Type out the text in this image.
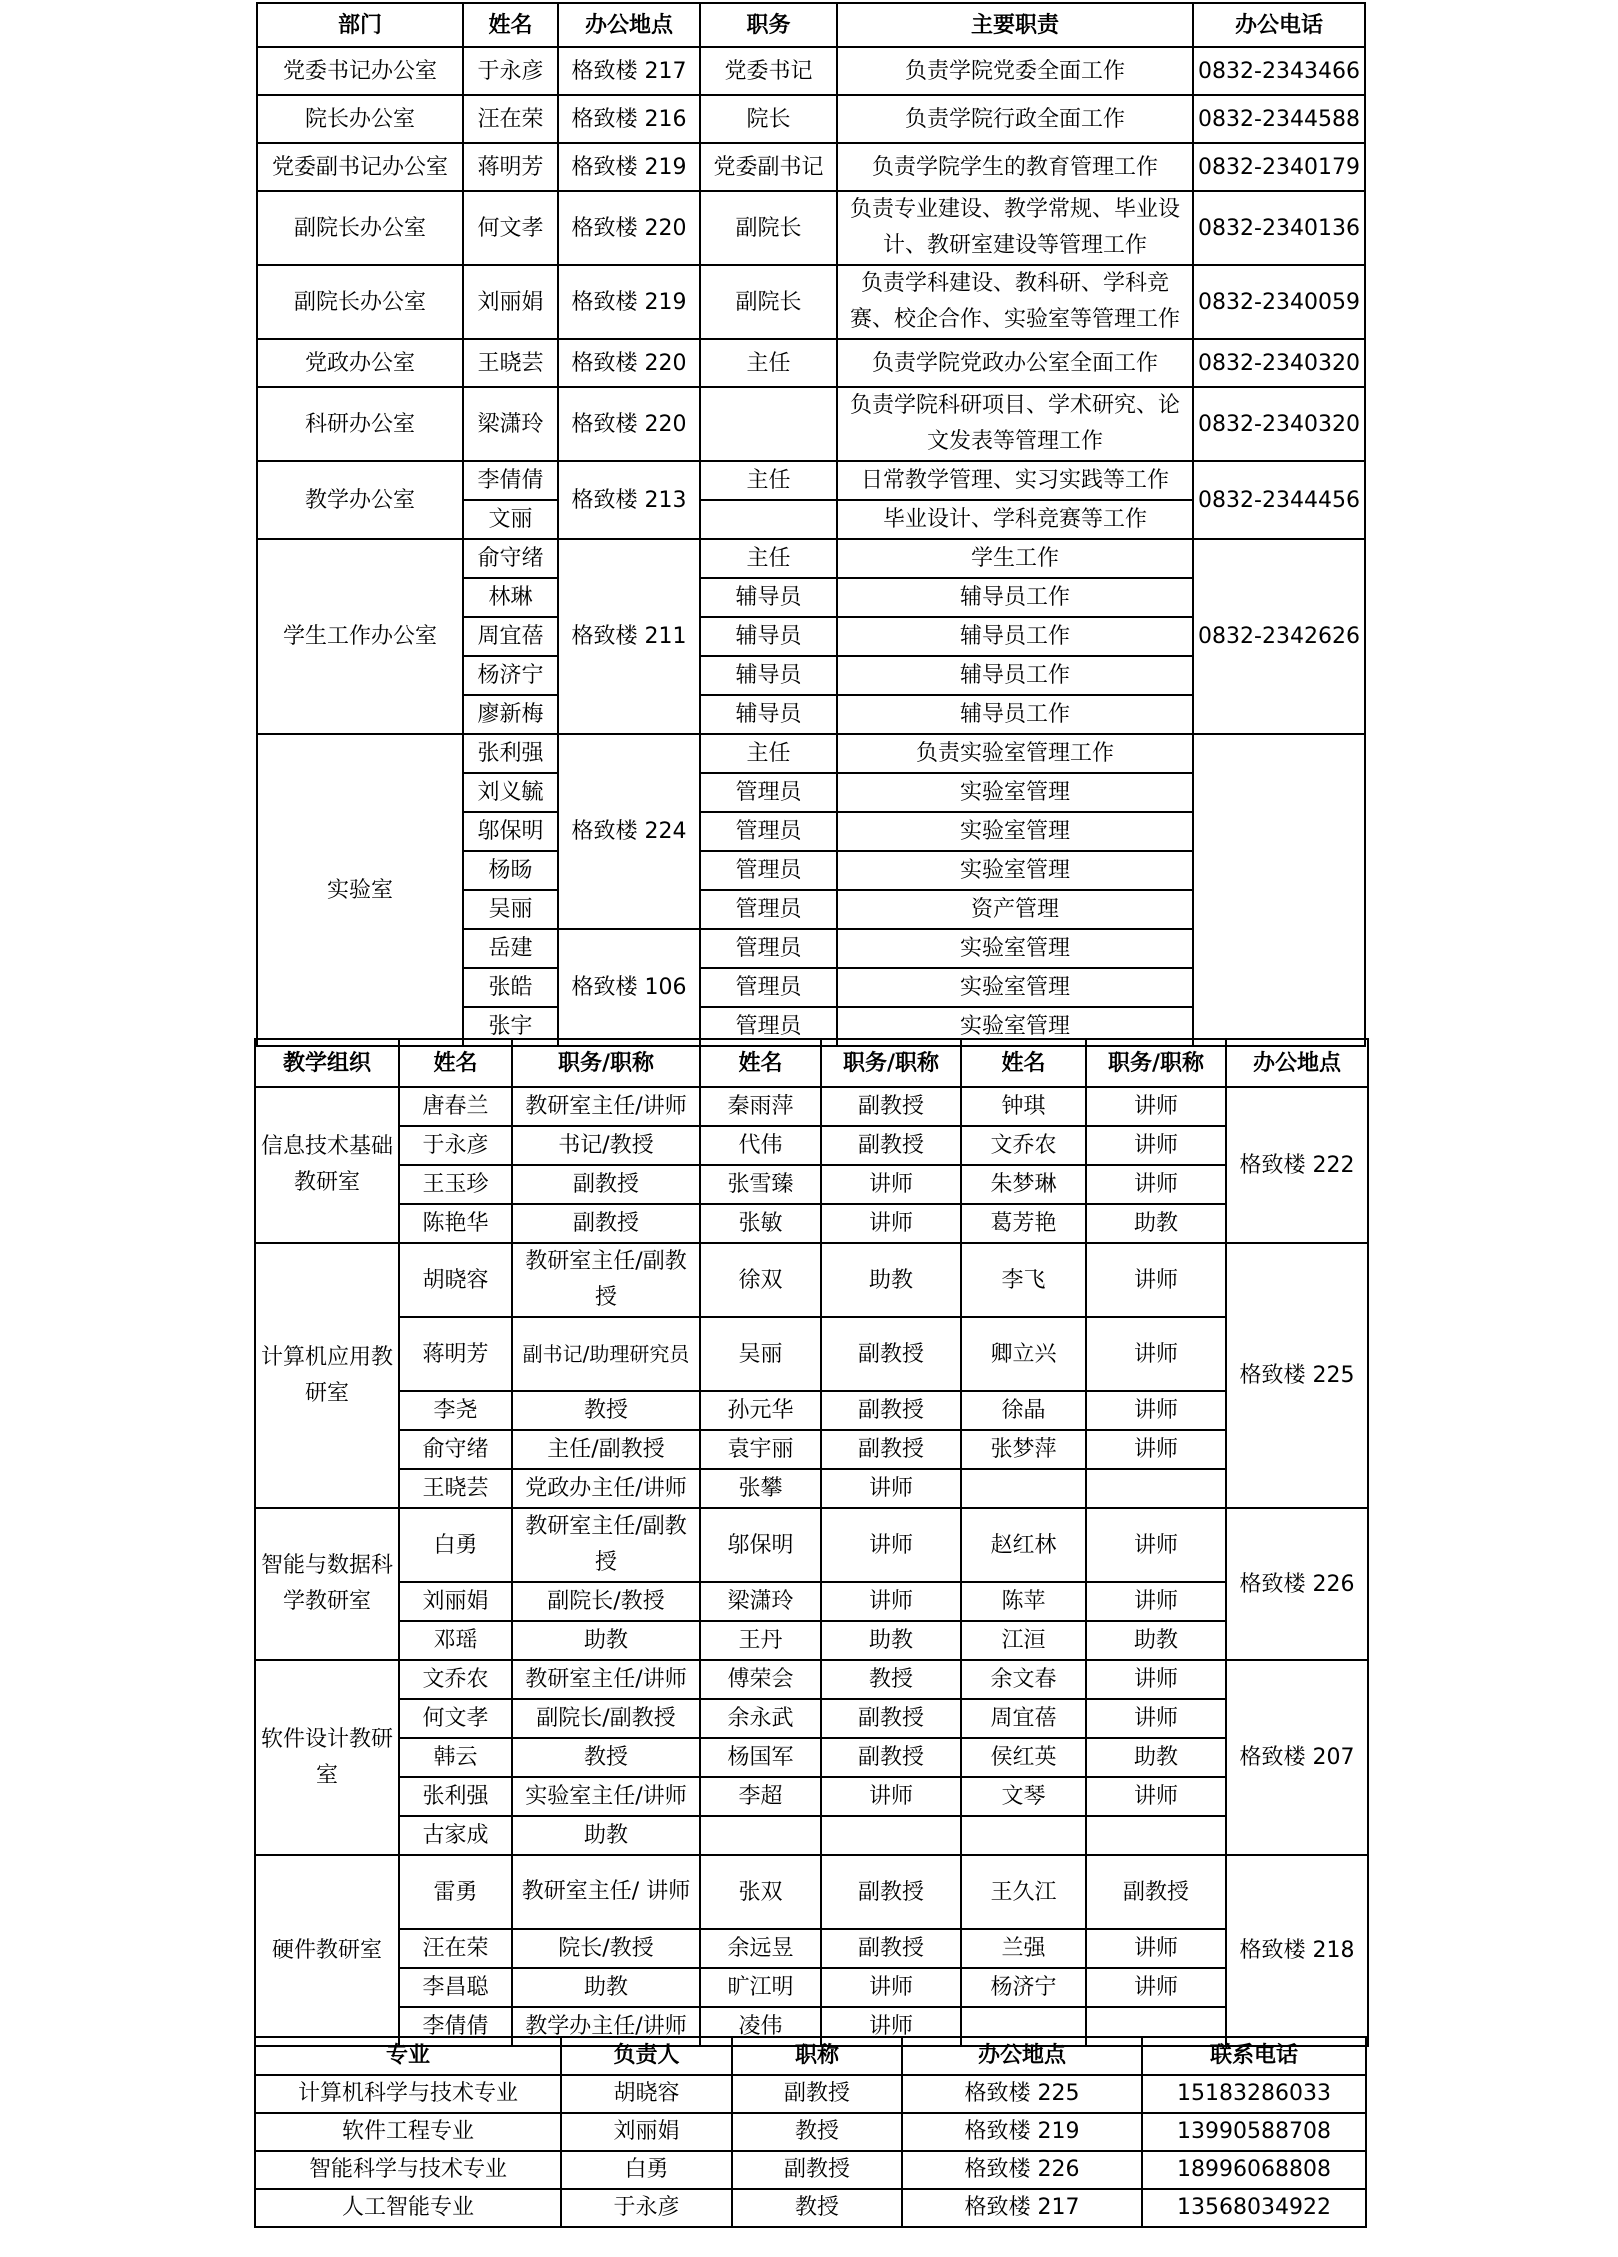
部门	姓名	办公地点	职务	主要职责	办公电话
党委书记办公室	于永彦	格致楼 217	党委书记	负责学院党委全面工作	0832-2343466
院长办公室	汪在荣	格致楼 216	院长	负责学院行政全面工作	0832-2344588
党委副书记办公室	蒋明芳	格致楼 219	党委副书记	负责学院学生的教育管理工作	0832-2340179
副院长办公室	何文孝	格致楼 220	副院长	负责专业建设、教学常规、毕业设计、教研室建设等管理工作	0832-2340136
副院长办公室	刘丽娟	格致楼 219	副院长	负责学科建设、教科研、学科竞赛、校企合作、实验室等管理工作	0832-2340059
党政办公室	王晓芸	格致楼 220	主任	负责学院党政办公室全面工作	0832-2340320
科研办公室	梁潇玲	格致楼 220		负责学院科研项目、学术研究、论文发表等管理工作	0832-2340320
教学办公室	李倩倩	格致楼 213	主任	日常教学管理、实习实践等工作	0832-2344456
	文丽			毕业设计、学科竞赛等工作	
学生工作办公室	俞守绪	格致楼 211	主任	学生工作	0832-2342626
	林琳		辅导员	辅导员工作	
	周宜蓓		辅导员	辅导员工作	
	杨济宁		辅导员	辅导员工作	
	廖新梅		辅导员	辅导员工作	
实验室	张利强	格致楼 224	主任	负责实验室管理工作	
	刘义毓		管理员	实验室管理	
	邬保明		管理员	实验室管理	
	杨旸		管理员	实验室管理	
	吴丽		管理员	资产管理	
	岳建	格致楼 106	管理员	实验室管理	
	张皓		管理员	实验室管理	
	张宇		管理员	实验室管理	
教学组织	姓名	职务/职称	姓名	职务/职称	姓名	职务/职称	办公地点
信息技术基础教研室	唐春兰	教研室主任/讲师	秦雨萍	副教授	钟琪	讲师	格致楼 222
	于永彦	书记/教授	代伟	副教授	文乔农	讲师	
	王玉珍	副教授	张雪臻	讲师	朱梦琳	讲师	
	陈艳华	副教授	张敏	讲师	葛芳艳	助教	
计算机应用教研室	胡晓容	教研室主任/副教授	徐双	助教	李飞	讲师	格致楼 225
	蒋明芳	副书记/助理研究员	吴丽	副教授	卿立兴	讲师	
	李尧	教授	孙元华	副教授	徐晶	讲师	
	俞守绪	主任/副教授	袁宇丽	副教授	张梦萍	讲师	
	王晓芸	党政办主任/讲师	张攀	讲师			
智能与数据科学教研室	白勇	教研室主任/副教授	邬保明	讲师	赵红林	讲师	格致楼 226
	刘丽娟	副院长/教授	梁潇玲	讲师	陈苹	讲师	
	邓瑶	助教	王丹	助教	江洹	助教	
软件设计教研室	文乔农	教研室主任/讲师	傅荣会	教授	余文春	讲师	格致楼 207
	何文孝	副院长/副教授	余永武	副教授	周宜蓓	讲师	
	韩云	教授	杨国军	副教授	侯红英	助教	
	张利强	实验室主任/讲师	李超	讲师	文琴	讲师	
	古家成	助教					
硬件教研室	雷勇	教研室主任/ 讲师	张双	副教授	王久江	副教授	格致楼 218
	汪在荣	院长/教授	余远昱	副教授	兰强	讲师	
	李昌聪	助教	旷江明	讲师	杨济宁	讲师	
	李倩倩	教学办主任/讲师	凌伟	讲师			
专业	负责人	职称	办公地点	联系电话
计算机科学与技术专业	胡晓容	副教授	格致楼 225	15183286033
软件工程专业	刘丽娟	教授	格致楼 219	13990588708
智能科学与技术专业	白勇	副教授	格致楼 226	18996068808
人工智能专业	于永彦	教授	格致楼 217	13568034922
